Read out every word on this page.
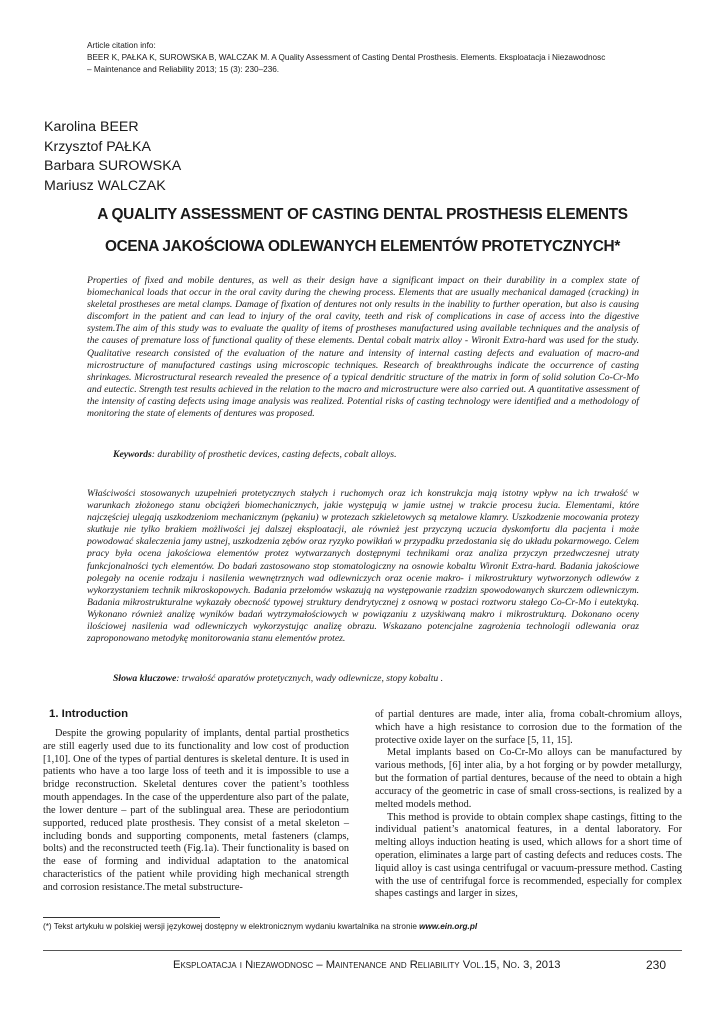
Article citation info:
BEER K, PAŁKA K, SUROWSKA B, WALCZAK M. A Quality Assessment of Casting Dental Prosthesis. Elements. Eksploatacja i Niezawodnosc
– Maintenance and Reliability 2013; 15 (3): 230–236.
Karolina BEER
Krzysztof PAŁKA
Barbara SUROWSKA
Mariusz WALCZAK
A QUALITY ASSESSMENT OF CASTING DENTAL PROSTHESIS ELEMENTS
OCENA JAKOŚCIOWA ODLEWANYCH ELEMENTÓW PROTETYCZNYCH*
Properties of fixed and mobile dentures, as well as their design have a significant impact on their durability in a complex state of biomechanical loads that occur in the oral cavity during the chewing process. Elements that are usually mechanical damaged (cracking) in skeletal prostheses are metal clamps. Damage of fixation of dentures not only results in the inability to further operation, but also is causing discomfort in the patient and can lead to injury of the oral cavity, teeth and risk of complications in case of access into the digestive system.The aim of this study was to evaluate the quality of items of prostheses manufactured using available techniques and the analysis of the causes of premature loss of functional quality of these elements. Dental cobalt matrix alloy - Wironit Extra-hard was used for the study. Qualitative research consisted of the evaluation of the nature and intensity of internal casting defects and evaluation of macro-and microstructure of manufactured castings using microscopic techniques. Research of breakthroughs indicate the occurrence of casting shrinkages. Microstructural research revealed the presence of a typical dendritic structure of the matrix in form of solid solution Co-Cr-Mo and eutectic. Strength test results achieved in the relation to the macro and microstructure were also carried out. A quantitative assessment of the intensity of casting defects using image analysis was realized. Potential risks of casting technology were identified and a methodology of monitoring the state of elements of dentures was proposed.
Keywords: durability of prosthetic devices, casting defects, cobalt alloys.
Właściwości stosowanych uzupełnień protetycznych stałych i ruchomych oraz ich konstrukcja mają istotny wpływ na ich trwałość w warunkach złożonego stanu obciążeń biomechanicznych, jakie występują w jamie ustnej w trakcie procesu żucia. Elementami, które najczęściej ulegają uszkodzeniom mechanicznym (pękaniu) w protezach szkieletowych są metalowe klamry. Uszkodzenie mocowania protezy skutkuje nie tylko brakiem możliwości jej dalszej eksploatacji, ale również jest przyczyną uczucia dyskomfortu dla pacjenta i może powodować skaleczenia jamy ustnej, uszkodzenia zębów oraz ryzyko powikłań w przypadku przedostania się do układu pokarmowego. Celem pracy była ocena jakościowa elementów protez wytwarzanych dostępnymi technikami oraz analiza przyczyn przedwczesnej utraty funkcjonalności tych elementów. Do badań zastosowano stop stomatologiczny na osnowie kobaltu Wironit Extra-hard. Badania jakościowe polegały na ocenie rodzaju i nasilenia wewnętrznych wad odlewniczych oraz ocenie makro- i mikrostruktury wytworzonych odlewów z wykorzystaniem technik mikroskopowych. Badania przełomów wskazują na występowanie rzadzizn spowodowanych skurczem odlewniczym. Badania mikrostrukturalne wykazały obecność typowej struktury dendrytycznej z osnową w postaci roztworu stałego Co-Cr-Mo i eutektyką. Wykonano również analizę wyników badań wytrzymałościowych w powiązaniu z uzyskiwaną makro i mikrostrukturą. Dokonano oceny ilościowej nasilenia wad odlewniczych wykorzystując analizę obrazu. Wskazano potencjalne zagrożenia technologii odlewania oraz zaproponowano metodykę monitorowania stanu elementów protez.
Słowa kluczowe: trwałość aparatów protetycznych, wady odlewnicze, stopy kobaltu .
1. Introduction

Despite the growing popularity of implants, dental partial prosthetics are still eagerly used due to its functionality and low cost of production [1,10]. One of the types of partial dentures is skeletal denture. It is used in patients who have a too large loss of teeth and it is impossible to use a bridge reconstruction. Skeletal dentures cover the patient’s toothless mouth appendages. In the case of the upperdenture also part of the palate, the lower denture – part of the sublingual area. These are periodontium supported, reduced plate prosthesis. They consist of a metal skeleton – including bonds and supporting components, metal fasteners (clamps, bolts) and the reconstructed teeth (Fig.1a). Their functionality is based on the ease of forming and individual adaptation to the anatomical characteristics of the patient while providing high mechanical strength and corrosion resistance.The metal substructure-

of partial dentures are made, inter alia, froma cobalt-chromium alloys, which have a high resistance to corrosion due to the formation of the protective oxide layer on the surface [5, 11, 15].

Metal implants based on Co-Cr-Mo alloys can be manufactured by various methods, [6] inter alia, by a hot forging or by powder metallurgy, but the formation of partial dentures, because of the need to obtain a high accuracy of the geometric in case of small cross-sections, is realized by a melted models method.

This method is provide to obtain complex shape castings, fitting to the individual patient’s anatomical features, in a dental laboratory. For melting alloys induction heating is used, which allows for a short time of operation, eliminates a large part of casting defects and reduces costs. The liquid alloy is cast usinga centrifugal or vacuum-pressure method. Casting with the use of centrifugal force is recommended, especially for complex shapes castings and larger in sizes,

(*) Tekst artykułu w polskiej wersji językowej dostępny w elektronicznym wydaniu kwartalnika na stronie www.ein.org.pl
Eksploatacja i Niezawodnosc – Maintenance and Reliability Vol.15, No. 3, 2013	230
